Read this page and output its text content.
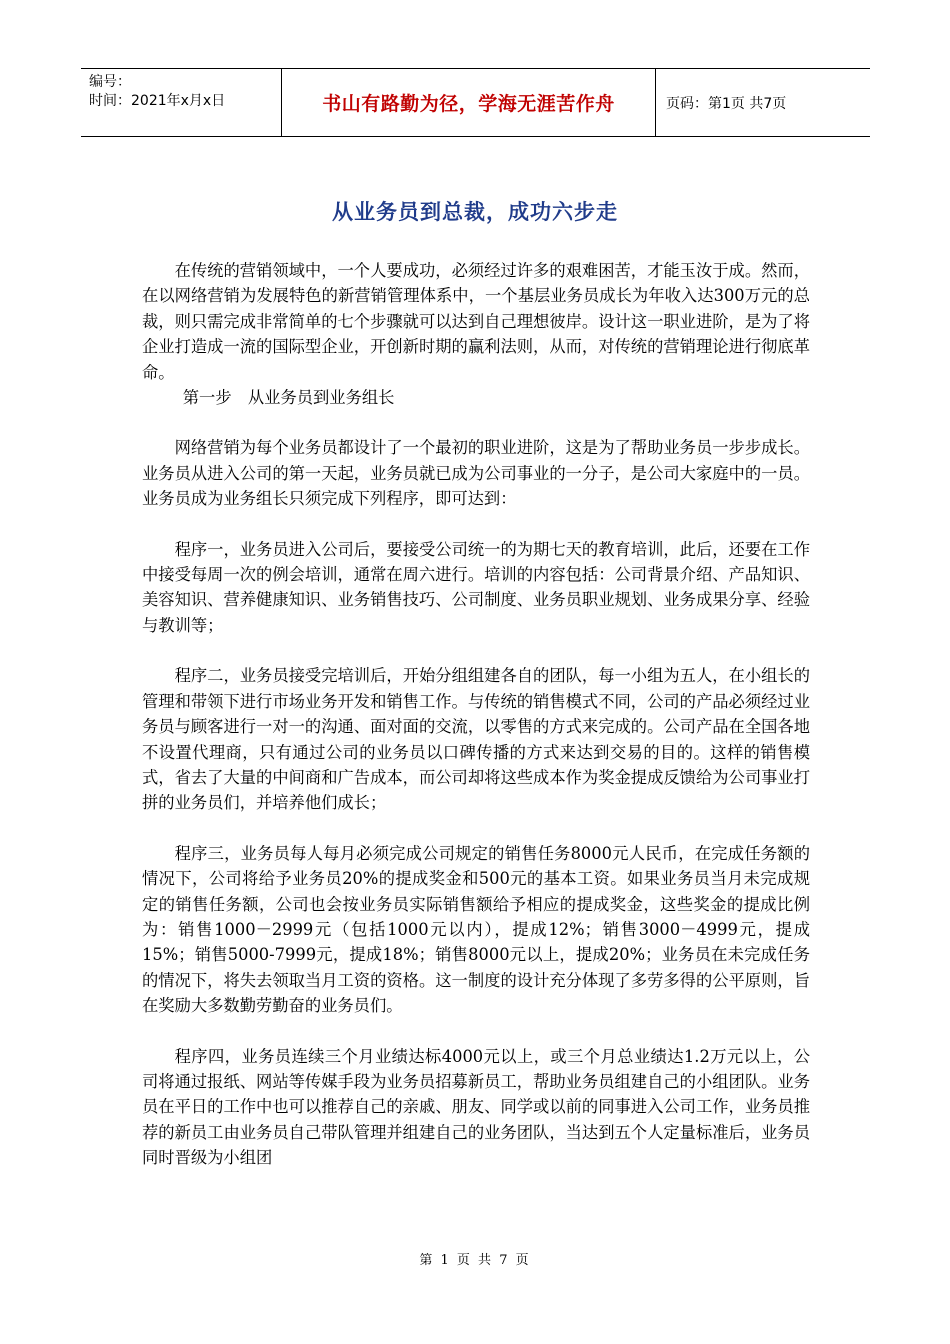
编号：
时间：2021年x月x日	书山有路勤为径，学海无涯苦作舟	页码：第1页 共7页
从业务员到总裁，成功六步走

在传统的营销领域中，一个人要成功，必须经过许多的艰难困苦，才能玉汝于成。然而，在以网络营销为发展特色的新营销管理体系中，一个基层业务员成长为年收入达300万元的总裁，则只需完成非常简单的七个步骤就可以达到自己理想彼岸。设计这一职业进阶，是为了将企业打造成一流的国际型企业，开创新时期的赢利法则，从而，对传统的营销理论进行彻底革命。

第一步　从业务员到业务组长

网络营销为每个业务员都设计了一个最初的职业进阶，这是为了帮助业务员一步步成长。业务员从进入公司的第一天起，业务员就已成为公司事业的一分子，是公司大家庭中的一员。业务员成为业务组长只须完成下列程序，即可达到：

程序一，业务员进入公司后，要接受公司统一的为期七天的教育培训，此后，还要在工作中接受每周一次的例会培训，通常在周六进行。培训的内容包括：公司背景介绍、产品知识、美容知识、营养健康知识、业务销售技巧、公司制度、业务员职业规划、业务成果分享、经验与教训等；

程序二，业务员接受完培训后，开始分组组建各自的团队，每一小组为五人，在小组长的管理和带领下进行市场业务开发和销售工作。与传统的销售模式不同，公司的产品必须经过业务员与顾客进行一对一的沟通、面对面的交流，以零售的方式来完成的。公司产品在全国各地不设置代理商，只有通过公司的业务员以口碑传播的方式来达到交易的目的。这样的销售模式，省去了大量的中间商和广告成本，而公司却将这些成本作为奖金提成反馈给为公司事业打拼的业务员们，并培养他们成长；

程序三，业务员每人每月必须完成公司规定的销售任务8000元人民币，在完成任务额的情况下，公司将给予业务员20%的提成奖金和500元的基本工资。如果业务员当月未完成规定的销售任务额，公司也会按业务员实际销售额给予相应的提成奖金，这些奖金的提成比例为：销售1000－2999元（包括1000元以内），提成12%；销售3000－4999元，提成15%；销售5000-7999元，提成18%；销售8000元以上，提成20%；业务员在未完成任务的情况下，将失去领取当月工资的资格。这一制度的设计充分体现了多劳多得的公平原则，旨在奖励大多数勤劳勤奋的业务员们。

程序四，业务员连续三个月业绩达标4000元以上，或三个月总业绩达1.2万元以上，公司将通过报纸、网站等传媒手段为业务员招募新员工，帮助业务员组建自己的小组团队。业务员在平日的工作中也可以推荐自己的亲戚、朋友、同学或以前的同事进入公司工作，业务员推荐的新员工由业务员自己带队管理并组建自己的业务团队，当达到五个人定量标准后，业务员同时晋级为小组团

第 1 页 共 7 页
